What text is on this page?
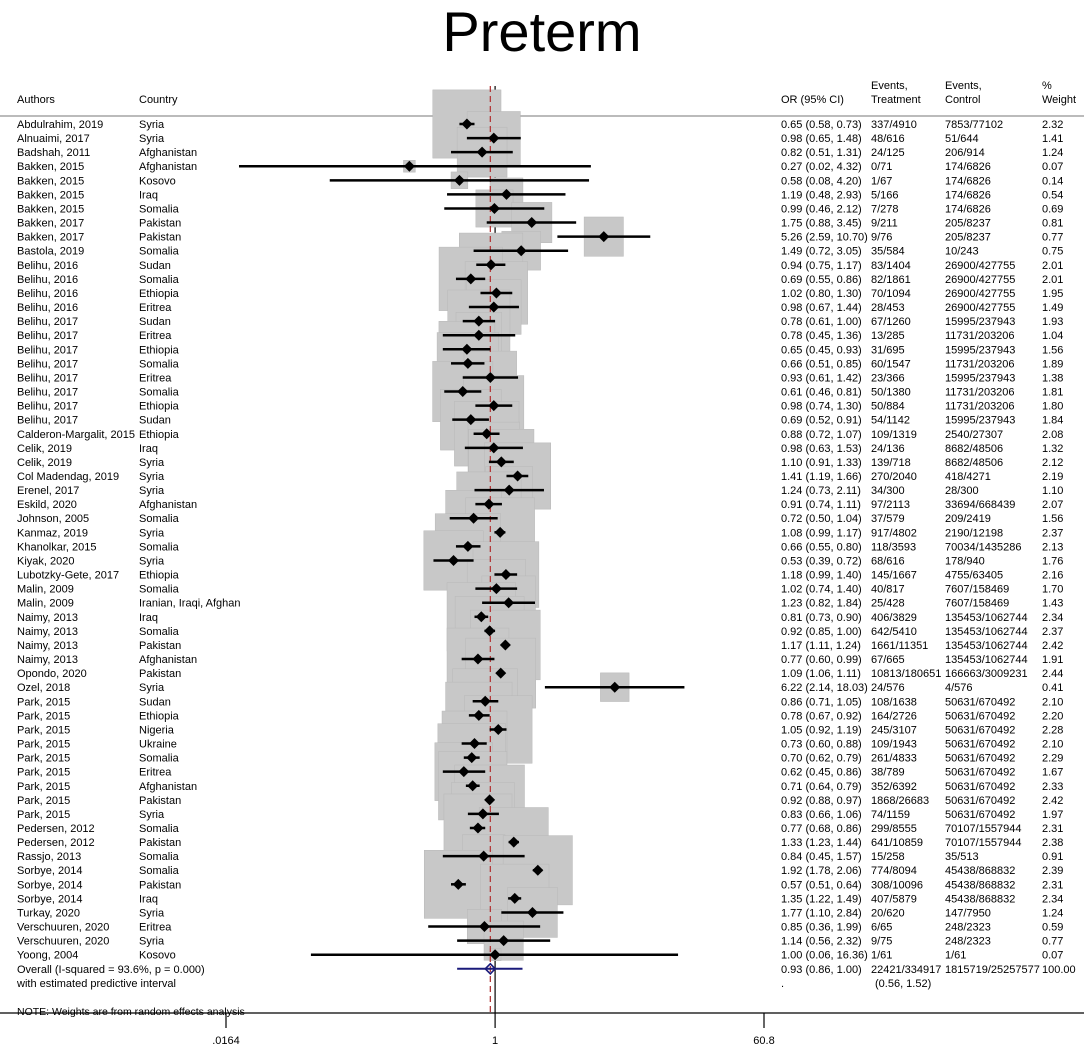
Preterm
Authors	Country	OR (95% CI)
Events,
Treatment
Events,
Control
%
Weight
Abdulrahim, 2019	Syria	0.65 (0.58, 0.73) 337/4910	7853/77102	2.32
Alnuaimi, 2017	Syria	0.98 (0.65, 1.48) 48/616	51/644	1.41
Badshah, 2011	Afghanistan	0.82 (0.51, 1.31) 24/125	206/914	1.24
Bakken, 2015	Afghanistan	0.27 (0.02, 4.32) 0/71	174/6826	0.07
Bakken, 2015	Kosovo	0.58 (0.08, 4.20) 1/67	174/6826	0.14
Bakken, 2015	Iraq	1.19 (0.48, 2.93) 5/166	174/6826	0.54
Bakken, 2015	Somalia	0.99 (0.46, 2.12) 7/278	174/6826	0.69
Bakken, 2017	Pakistan	1.75 (0.88, 3.45) 9/211	205/8237	0.81
Bakken, 2017	Pakistan	5.26 (2.59, 10.70) 9/76	205/8237	0.77
Bastola, 2019	Somalia	1.49 (0.72, 3.05) 35/584	10/243	0.75
Belihu, 2016	Sudan	0.94 (0.75, 1.17) 83/1404	26900/427755 2.01
Belihu, 2016	Somalia	0.69 (0.55, 0.86) 82/1861	26900/427755 2.01
Belihu, 2016	Ethiopia	1.02 (0.80, 1.30) 70/1094	26900/427755 1.95
Belihu, 2016	Eritrea	0.98 (0.67, 1.44) 28/453	26900/427755 1.49
Belihu, 2017	Sudan	0.78 (0.61, 1.00) 67/1260	15995/237943 1.93
Belihu, 2017	Eritrea	0.78 (0.45, 1.36) 13/285	11731/203206 1.04
Belihu, 2017	Ethiopia	0.65 (0.45, 0.93) 31/695	15995/237943 1.56
Belihu, 2017	Somalia	0.66 (0.51, 0.85) 60/1547	11731/203206 1.89
Belihu, 2017	Eritrea	0.93 (0.61, 1.42) 23/366	15995/237943 1.38
Belihu, 2017	Somalia	0.61 (0.46, 0.81) 50/1380	11731/203206 1.81
Belihu, 2017	Ethiopia	0.98 (0.74, 1.30) 50/884	11731/203206 1.80
Belihu, 2017	Sudan	0.69 (0.52, 0.91) 54/1142	15995/237943 1.84
Calderon-Margalit, 2015 Ethiopia	0.88 (0.72, 1.07) 109/1319	2540/27307	2.08
Celik, 2019	Iraq	0.98 (0.63, 1.53) 24/136	8682/48506	1.32
Celik, 2019	Syria	1.10 (0.91, 1.33) 139/718	8682/48506	2.12
Col Madendag, 2019 Syria	1.41 (1.19, 1.66) 270/2040	418/4271	2.19
Erenel, 2017	Syria	1.24 (0.73, 2.11) 34/300	28/300	1.10
Eskild, 2020	Afghanistan	0.91 (0.74, 1.11) 97/2113	33694/668439 2.07
Johnson, 2005	Somalia	0.72 (0.50, 1.04) 37/579	209/2419	1.56
Kanmaz, 2019	Syria	1.08 (0.99, 1.17) 917/4802	2190/12198	2.37
Khanolkar, 2015	Somalia	0.66 (0.55, 0.80) 118/3593	70034/1435286 2.13
Kiyak, 2020	Syria	0.53 (0.39, 0.72) 68/616	178/940	1.76
Lubotzky-Gete, 2017 Ethiopia	1.18 (0.99, 1.40) 145/1667	4755/63405	2.16
Malin, 2009	Somalia	1.02 (0.74, 1.40) 40/817	7607/158469	1.70
Malin, 2009	Iranian, Iraqi, Afghan	1.23 (0.82, 1.84) 25/428	7607/158469	1.43
Naimy, 2013	Iraq	0.81 (0.73, 0.90) 406/3829	135453/1062744 2.34
Naimy, 2013	Somalia	0.92 (0.85, 1.00) 642/5410	135453/1062744 2.37
Naimy, 2013	Pakistan	1.17 (1.11, 1.24) 1661/11351 135453/1062744 2.42
Naimy, 2013	Afghanistan	0.77 (0.60, 0.99) 67/665	135453/1062744 1.91
Opondo, 2020	Pakistan	1.09 (1.06, 1.11) 10813/180651 166663/3009231 2.44
Ozel, 2018	Syria	6.22 (2.14, 18.03) 24/576	4/576	0.41
Park, 2015	Sudan	0.86 (0.71, 1.05) 108/1638	50631/670492 2.10
Park, 2015	Ethiopia	0.78 (0.67, 0.92) 164/2726	50631/670492 2.20
Park, 2015	Nigeria	1.05 (0.92, 1.19) 245/3107	50631/670492 2.28
Park, 2015	Ukraine	0.73 (0.60, 0.88) 109/1943	50631/670492 2.10
Park, 2015	Somalia	0.70 (0.62, 0.79) 261/4833	50631/670492 2.29
Park, 2015	Eritrea	0.62 (0.45, 0.86) 38/789	50631/670492 1.67
Park, 2015	Afghanistan	0.71 (0.64, 0.79) 352/6392	50631/670492 2.33
Park, 2015	Pakistan	0.92 (0.88, 0.97) 1868/26683 50631/670492 2.42
Park, 2015	Syria	0.83 (0.66, 1.06) 74/1159	50631/670492 1.97
Pedersen, 2012	Somalia	0.77 (0.68, 0.86) 299/8555	70107/1557944 2.31
Pedersen, 2012	Pakistan	1.33 (1.23, 1.44) 641/10859 70107/1557944 2.38
Rassjo, 2013	Somalia	0.84 (0.45, 1.57) 15/258	35/513	0.91
Sorbye, 2014	Somalia	1.92 (1.78, 2.06) 774/8094	45438/868832 2.39
Sorbye, 2014	Pakistan	0.57 (0.51, 0.64) 308/10096 45438/868832 2.31
Sorbye, 2014	Iraq	1.35 (1.22, 1.49) 407/5879	45438/868832 2.34
Turkay, 2020	Syria	1.77 (1.10, 2.84) 20/620	147/7950	1.24
Verschuuren, 2020	Eritrea	0.85 (0.36, 1.99) 6/65	248/2323	0.59
Verschuuren, 2020	Syria	1.14 (0.56, 2.32) 9/75	248/2323	0.77
Yoong, 2004	Kosovo	1.00 (0.06, 16.36) 1/61	1/61	0.07
Overall (I-squared = 93.6%, p = 0.000)	0.93 (0.86, 1.00) 22421/334917 1815719/25257577 100.00
with estimated predictive interval	.	(0.56, 1.52)
NOTE: Weights are from random effects analysis
.0164	1	60.8
